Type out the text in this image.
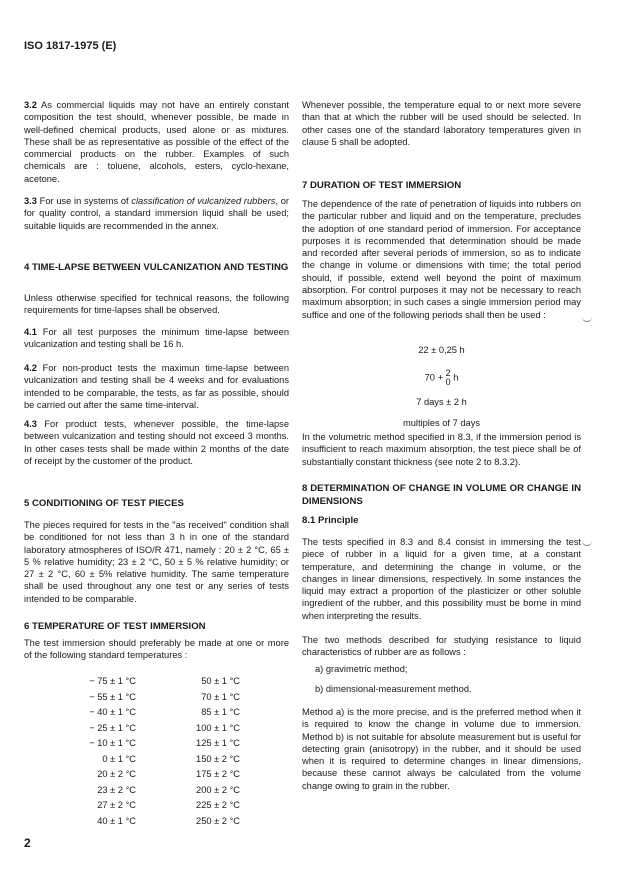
ISO 1817-1975 (E)

3.2 As commercial liquids may not have an entirely constant composition the test should, whenever possible, be made in well-defined chemical products, used alone or as mixtures. These shall be as representative as possible of the effect of the commercial products on the rubber. Examples of such chemicals are : toluene, alcohols, esters, cyclo-hexane, acetone.

3.3 For use in systems of classification of vulcanized rubbers, or for quality control, a standard immersion liquid shall be used; suitable liquids are recommended in the annex.

4 TIME-LAPSE BETWEEN VULCANIZATION AND TESTING

Unless otherwise specified for technical reasons, the following requirements for time-lapses shall be observed.

4.1 For all test purposes the minimum time-lapse between vulcanization and testing shall be 16 h.

4.2 For non-product tests the maximun time-lapse between vulcanization and testing shall be 4 weeks and for evaluations intended to be comparable, the tests, as far as possible, should be carried out after the same time-interval.

4.3 For product tests, whenever possible, the time-lapse between vulcanization and testing should not exceed 3 months. In other cases tests shall be made within 2 months of the date of receipt by the customer of the product.

5 CONDITIONING OF TEST PIECES

The pieces required for tests in the "as received" condition shall be conditioned for not less than 3 h in one of the standard laboratory atmospheres of ISO/R 471, namely : 20 ± 2 °C, 65 ± 5 % relative humidity; 23 ± 2 °C, 50 ± 5 % relative humidity; or 27 ± 2 °C, 60 ± 5% relative humidity. The same temperature shall be used throughout any one test or any series of tests intended to be comparable.

6 TEMPERATURE OF TEST IMMERSION

The test immersion should preferably be made at one or more of the following standard temperatures :

− 75 ± 1 °C	50 ± 1 °C
− 55 ± 1 °C	70 ± 1 °C
− 40 ± 1 °C	85 ± 1 °C
− 25 ± 1 °C	100 ± 1 °C
− 10 ± 1 °C	125 ± 1 °C
0 ± 1 °C	150 ± 2 °C
20 ± 2 °C	175 ± 2 °C
23 ± 2 °C	200 ± 2 °C
27 ± 2 °C	225 ± 2 °C
40 ± 1 °C	250 ± 2 °C

Whenever possible, the temperature equal to or next more severe than that at which the rubber will be used should be selected. In other cases one of the standard laboratory temperatures given in clause 5 shall be adopted.

7 DURATION OF TEST IMMERSION

The dependence of the rate of penetration of liquids into rubbers on the particular rubber and liquid and on the temperature, precludes the adoption of one standard period of immersion. For acceptance purposes it is recommended that determination should be made and recorded after several periods of immersion, so as to indicate the change in volume or dimensions with time; the total period should, if possible, extend well beyond the point of maximum absorption. For control purposes it may not be necessary to reach maximum absorption; in such cases a single immersion period may suffice and one of the following periods shall then be used :

22 ± 0,25 h
70 + 2
0 h
7 days ± 2 h
multiples of 7 days

In the volumetric method specified in 8.3, if the immersion period is insufficient to reach maximum absorption, the test piece shall be of substantially constant thickness (see note 2 to 8.3.2).

8 DETERMINATION OF CHANGE IN VOLUME OR CHANGE IN DIMENSIONS

8.1 Principle

The tests specified in 8.3 and 8.4 consist in immersing the test piece of rubber in a liquid for a given time, at a constant temperature, and determining the change in volume, or the changes in linear dimensions, respectively. In some instances the liquid may extract a proportion of the plasticizer or other soluble ingredient of the rubber, and this possibility must be borne in mind when interpreting the results.

The two methods described for studying resistance to liquid characteristics of rubber are as follows :

a) gravimetric method;
b) dimensional-measurement method.

Method a) is the more precise, and is the preferred method when it is required to know the change in volume due to immersion. Method b) is not suitable for absolute measurement but is useful for detecting grain (anisotropy) in the rubber, and it should be used when it is required to determine changes in linear dimensions, because these cannot always be calculated from the volume change owing to grain in the rubber.

2
